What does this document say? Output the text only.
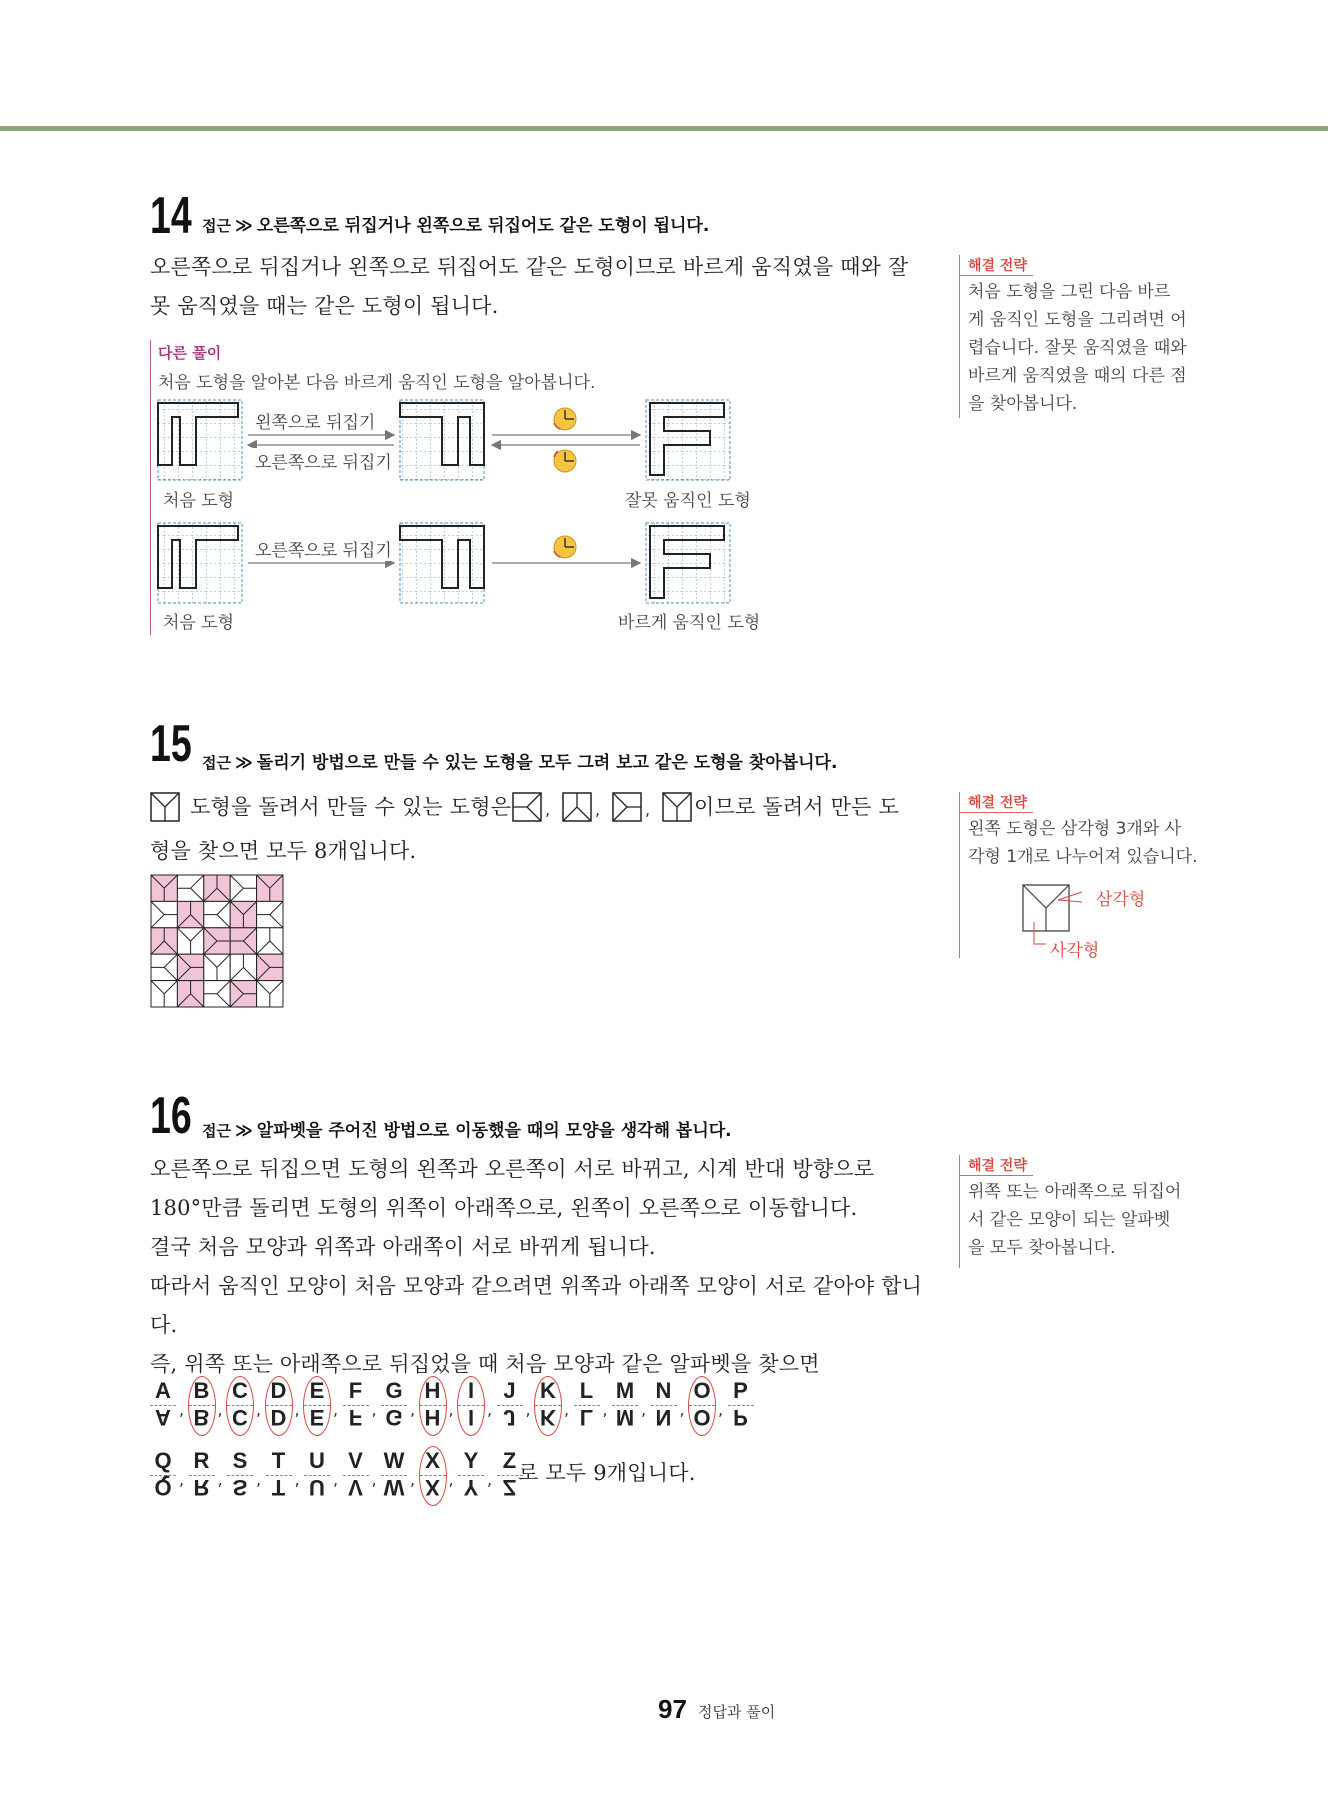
14 접근 ≫ 오른쪽으로 뒤집거나 왼쪽으로 뒤집어도 같은 도형이 됩니다.

오른쪽으로 뒤집거나 왼쪽으로 뒤집어도 같은 도형이므로 바르게 움직였을 때와 잘

못 움직였을 때는 같은 도형이 됩니다.

다른 풀이
처음 도형을 알아본 다음 바르게 움직인 도형을 알아봅니다.
왼쪽으로 뒤집기
오른쪽으로 뒤집기
오른쪽으로 뒤집기
처음 도형	잘못 움직인 도형
처음 도형	바르게 움직인 도형
해결 전략
처음 도형을 그린 다음 바르
게 움직인 도형을 그리려면 어
렵습니다. 잘못 움직였을 때와
바르게 움직였을 때의 다른 점
을 찾아봅니다.
15 접근 ≫ 돌리기 방법으로 만들 수 있는 도형을 모두 그려 보고 같은 도형을 찾아봅니다.

도형을 돌려서 만들 수 있는 도형은 ,	,	, 이므로 돌려서 만든 도

형을 찾으면 모두 8개입니다.

해결 전략
왼쪽 도형은 삼각형 3개와 사
각형 1개로 나누어져 있습니다.
삼각형
사각형
16 접근 ≫ 알파벳을 주어진 방법으로 이동했을 때의 모양을 생각해 봅니다.

오른쪽으로 뒤집으면 도형의 왼쪽과 오른쪽이 서로 바뀌고, 시계 반대 방향으로

180°만큼 돌리면 도형의 위쪽이 아래쪽으로, 왼쪽이 오른쪽으로 이동합니다.

결국 처음 모양과 위쪽과 아래쪽이 서로 바뀌게 됩니다.

따라서 움직인 모양이 처음 모양과 같으려면 위쪽과 아래쪽 모양이 서로 같아야 합니

다.

즉, 위쪽 또는 아래쪽으로 뒤집었을 때 처음 모양과 같은 알파벳을 찾으면

A
A ,
B
B ,
C
C ,
D
D ,
E
E ,
F
F ,
G
G ,
H
H ,
I
I ,
J
J ,
K
K ,
L
L ,
M
M ,
N
N ,
O
O ,
P
P
Q
Q ,
R
R ,
S
S ,
T
T ,
U
U ,
V
V ,
W
W ,
X
X ,
Y
Y ,
Z
Z

로 모두 9개입니다.

해결 전략
위쪽 또는 아래쪽으로 뒤집어
서 같은 모양이 되는 알파벳
을 모두 찾아봅니다.
97 정답과 풀이
